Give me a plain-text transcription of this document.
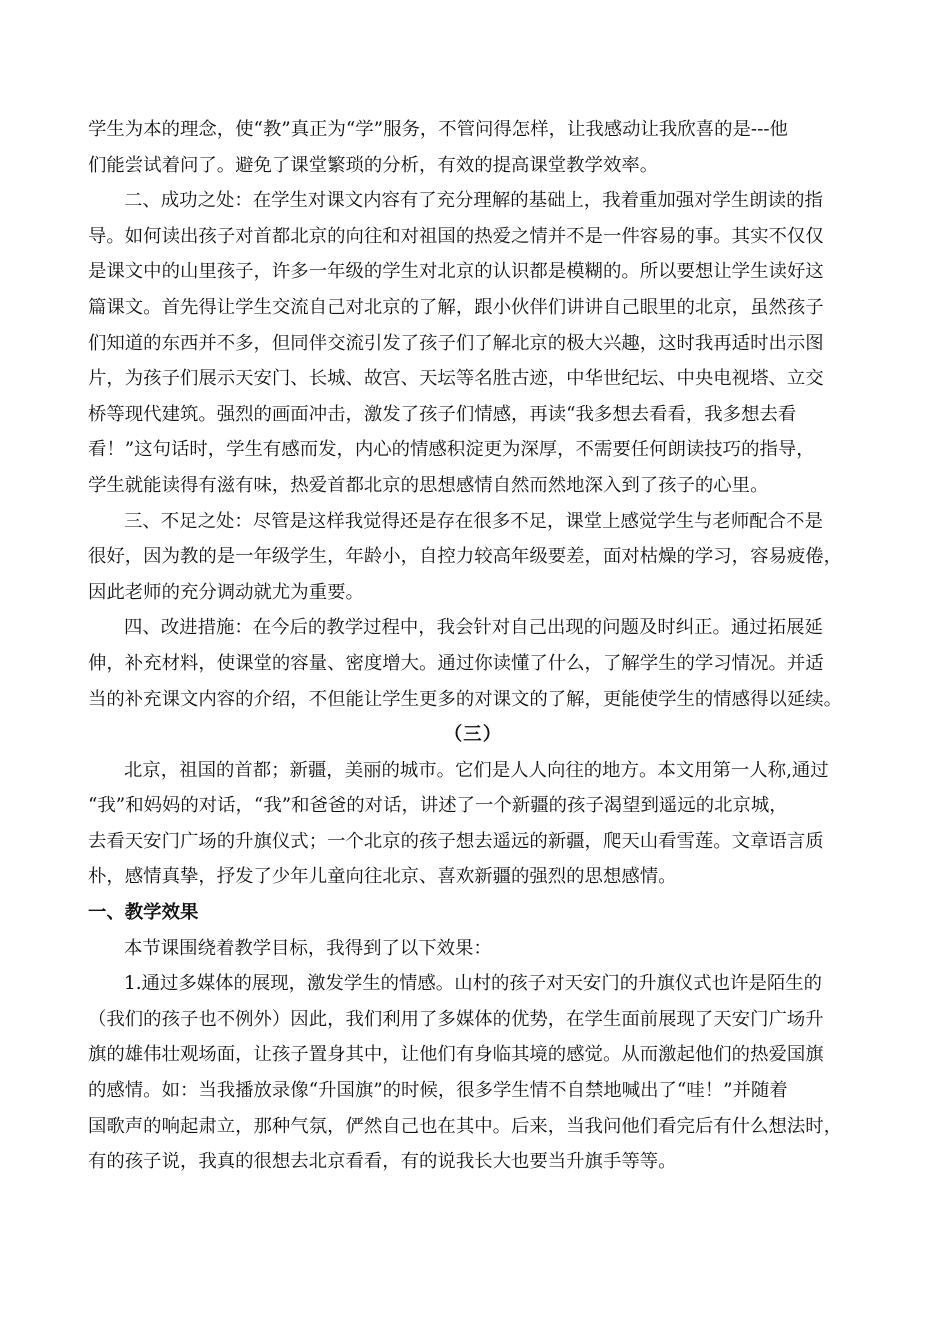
学生为本的理念，使“教”真正为“学”服务，不管问得怎样，让我感动让我欣喜的是---他
们能尝试着问了。避免了课堂繁琐的分析，有效的提高课堂教学效率。
二、成功之处：在学生对课文内容有了充分理解的基础上，我着重加强对学生朗读的指
导。如何读出孩子对首都北京的向往和对祖国的热爱之情并不是一件容易的事。其实不仅仅
是课文中的山里孩子，许多一年级的学生对北京的认识都是模糊的。所以要想让学生读好这
篇课文。首先得让学生交流自己对北京的了解，跟小伙伴们讲讲自己眼里的北京，虽然孩子
们知道的东西并不多，但同伴交流引发了孩子们了解北京的极大兴趣，这时我再适时出示图
片，为孩子们展示天安门、长城、故宫、天坛等名胜古迹，中华世纪坛、中央电视塔、立交
桥等现代建筑。强烈的画面冲击，激发了孩子们情感，再读“我多想去看看，我多想去看
看！”这句话时，学生有感而发，内心的情感积淀更为深厚，不需要任何朗读技巧的指导，
学生就能读得有滋有味，热爱首都北京的思想感情自然而然地深入到了孩子的心里。
三、不足之处：尽管是这样我觉得还是存在很多不足，课堂上感觉学生与老师配合不是
很好，因为教的是一年级学生，年龄小，自控力较高年级要差，面对枯燥的学习，容易疲倦，
因此老师的充分调动就尤为重要。
四、改进措施：在今后的教学过程中，我会针对自己出现的问题及时纠正。通过拓展延
伸，补充材料，使课堂的容量、密度增大。通过你读懂了什么，了解学生的学习情况。并适
当的补充课文内容的介绍，不但能让学生更多的对课文的了解，更能使学生的情感得以延续。
（三）
北京，祖国的首都；新疆，美丽的城市。它们是人人向往的地方。本文用第一人称,通过
“我”和妈妈的对话，“我”和爸爸的对话，讲述了一个新疆的孩子渴望到遥远的北京城，
去看天安门广场的升旗仪式；一个北京的孩子想去遥远的新疆，爬天山看雪莲。文章语言质
朴，感情真挚，抒发了少年儿童向往北京、喜欢新疆的强烈的思想感情。
一、教学效果
本节课围绕着教学目标，我得到了以下效果：
1.通过多媒体的展现，激发学生的情感。山村的孩子对天安门的升旗仪式也许是陌生的
（我们的孩子也不例外）因此，我们利用了多媒体的优势，在学生面前展现了天安门广场升
旗的雄伟壮观场面，让孩子置身其中，让他们有身临其境的感觉。从而激起他们的热爱国旗
的感情。如：当我播放录像“升国旗”的时候，很多学生情不自禁地喊出了“哇！”并随着
国歌声的响起肃立，那种气氛，俨然自己也在其中。后来，当我问他们看完后有什么想法时，
有的孩子说，我真的很想去北京看看，有的说我长大也要当升旗手等等。
